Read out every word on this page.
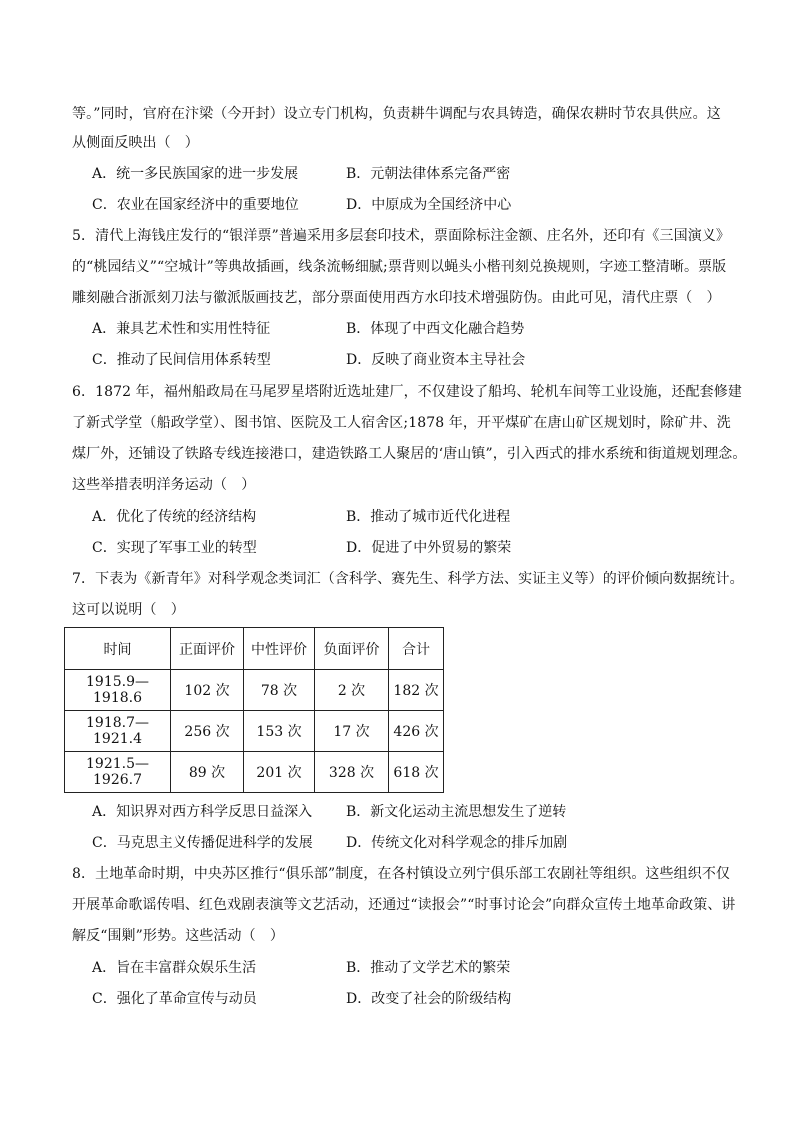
等。”同时，官府在汴梁（今开封）设立专门机构，负责耕牛调配与农具铸造，确保农耕时节农具供应。这
从侧面反映出（　）
A．统一多民族国家的进一步发展	B．元朝法律体系完备严密
C．农业在国家经济中的重要地位	D．中原成为全国经济中心
5．清代上海钱庄发行的“银洋票”普遍采用多层套印技术，票面除标注金额、庄名外，还印有《三国演义》
的“桃园结义”“空城计”等典故插画，线条流畅细腻;票背则以蝇头小楷刊刻兑换规则，字迹工整清晰。票版
雕刻融合浙派刻刀法与徽派版画技艺，部分票面使用西方水印技术增强防伪。由此可见，清代庄票（　）
A．兼具艺术性和实用性特征	B．体现了中西文化融合趋势
C．推动了民间信用体系转型	D．反映了商业资本主导社会
6．1872 年，福州船政局在马尾罗星塔附近选址建厂，不仅建设了船坞、轮机车间等工业设施，还配套修建
了新式学堂（船政学堂）、图书馆、医院及工人宿舍区;1878 年，开平煤矿在唐山矿区规划时，除矿井、洗
煤厂外，还铺设了铁路专线连接港口，建造铁路工人聚居的‘唐山镇”，引入西式的排水系统和街道规划理念。
这些举措表明洋务运动（　）
A．优化了传统的经济结构	B．推动了城市近代化进程
C．实现了军事工业的转型	D．促进了中外贸易的繁荣
7．下表为《新青年》对科学观念类词汇（含科学、赛先生、科学方法、实证主义等）的评价倾向数据统计。
这可以说明（　）
时间	正面评价	中性评价	负面评价	合计
1915.9—1918.6	102 次	78 次	2 次	182 次
1918.7—1921.4	256 次	153 次	17 次	426 次
1921.5—1926.7	89 次	201 次	328 次	618 次
A．知识界对西方科学反思日益深入 B．新文化运动主流思想发生了逆转
C．马克思主义传播促进科学的发展 D．传统文化对科学观念的排斥加剧
8．土地革命时期，中央苏区推行“俱乐部”制度，在各村镇设立列宁俱乐部工农剧社等组织。这些组织不仅
开展革命歌谣传唱、红色戏剧表演等文艺活动，还通过“读报会”“时事讨论会”向群众宣传土地革命政策、讲
解反“围剿”形势。这些活动（　）
A．旨在丰富群众娱乐生活	B．推动了文学艺术的繁荣
C．强化了革命宣传与动员	D．改变了社会的阶级结构
